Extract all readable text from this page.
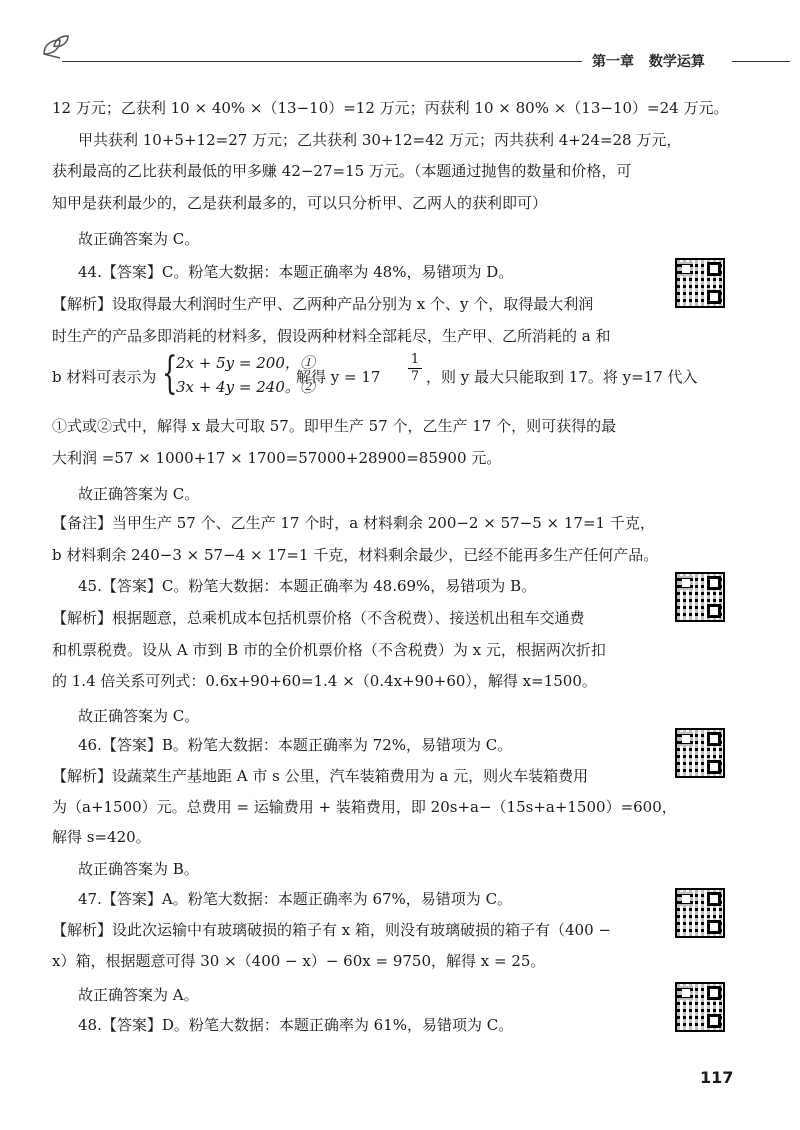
第一章 数学运算
12 万元；乙获利 10 × 40% ×（13−10）=12 万元；丙获利 10 × 80% ×（13−10）=24 万元。
甲共获利 10+5+12=27 万元；乙共获利 30+12=42 万元；丙共获利 4+24=28 万元，
获利最高的乙比获利最低的甲多赚 42−27=15 万元。（本题通过抛售的数量和价格，可
知甲是获利最少的，乙是获利最多的，可以只分析甲、乙两人的获利即可）
故正确答案为 C。
44.【答案】C。粉笔大数据：本题正确率为 48%，易错项为 D。
【解析】设取得最大利润时生产甲、乙两种产品分别为 x 个、y 个，取得最大利润
时生产的产品多即消耗的材料多，假设两种材料全部耗尽，生产甲、乙所消耗的 a 和
b 材料可表示为 {
2x + 5y = 200，①
3x + 4y = 240。②
解得 $y = 17 \frac{1}{7}$ ，则 y 最大只能取到 17。将 y=17 代入
①式或②式中，解得 x 最大可取 57。即甲生产 57 个，乙生产 17 个，则可获得的最
大利润 =57 × 1000+17 × 1700=57000+28900=85900 元。
故正确答案为 C。
【备注】当甲生产 57 个、乙生产 17 个时，a 材料剩余 200−2 × 57−5 × 17=1 千克，
b 材料剩余 240−3 × 57−4 × 17=1 千克，材料剩余最少，已经不能再多生产任何产品。
45.【答案】C。粉笔大数据：本题正确率为 48.69%，易错项为 B。
【解析】根据题意，总乘机成本包括机票价格（不含税费）、接送机出租车交通费
和机票税费。设从 A 市到 B 市的全价机票价格（不含税费）为 x 元，根据两次折扣
的 1.4 倍关系可列式：0.6x+90+60=1.4 ×（0.4x+90+60），解得 x=1500。
故正确答案为 C。
46.【答案】B。粉笔大数据：本题正确率为 72%，易错项为 C。
【解析】设蔬菜生产基地距 A 市 s 公里，汽车装箱费用为 a 元，则火车装箱费用
为（a+1500）元。总费用 = 运输费用 + 装箱费用，即 20s+a−（15s+a+1500）=600，
解得 s=420。
故正确答案为 B。
47.【答案】A。粉笔大数据：本题正确率为 67%，易错项为 C。
【解析】设此次运输中有玻璃破损的箱子有 x 箱，则没有玻璃破损的箱子有（400 −
x）箱，根据题意可得 30 ×（400 − x）− 60x = 9750，解得 x = 25。
故正确答案为 A。
48.【答案】D。粉笔大数据：本题正确率为 61%，易错项为 C。
117
